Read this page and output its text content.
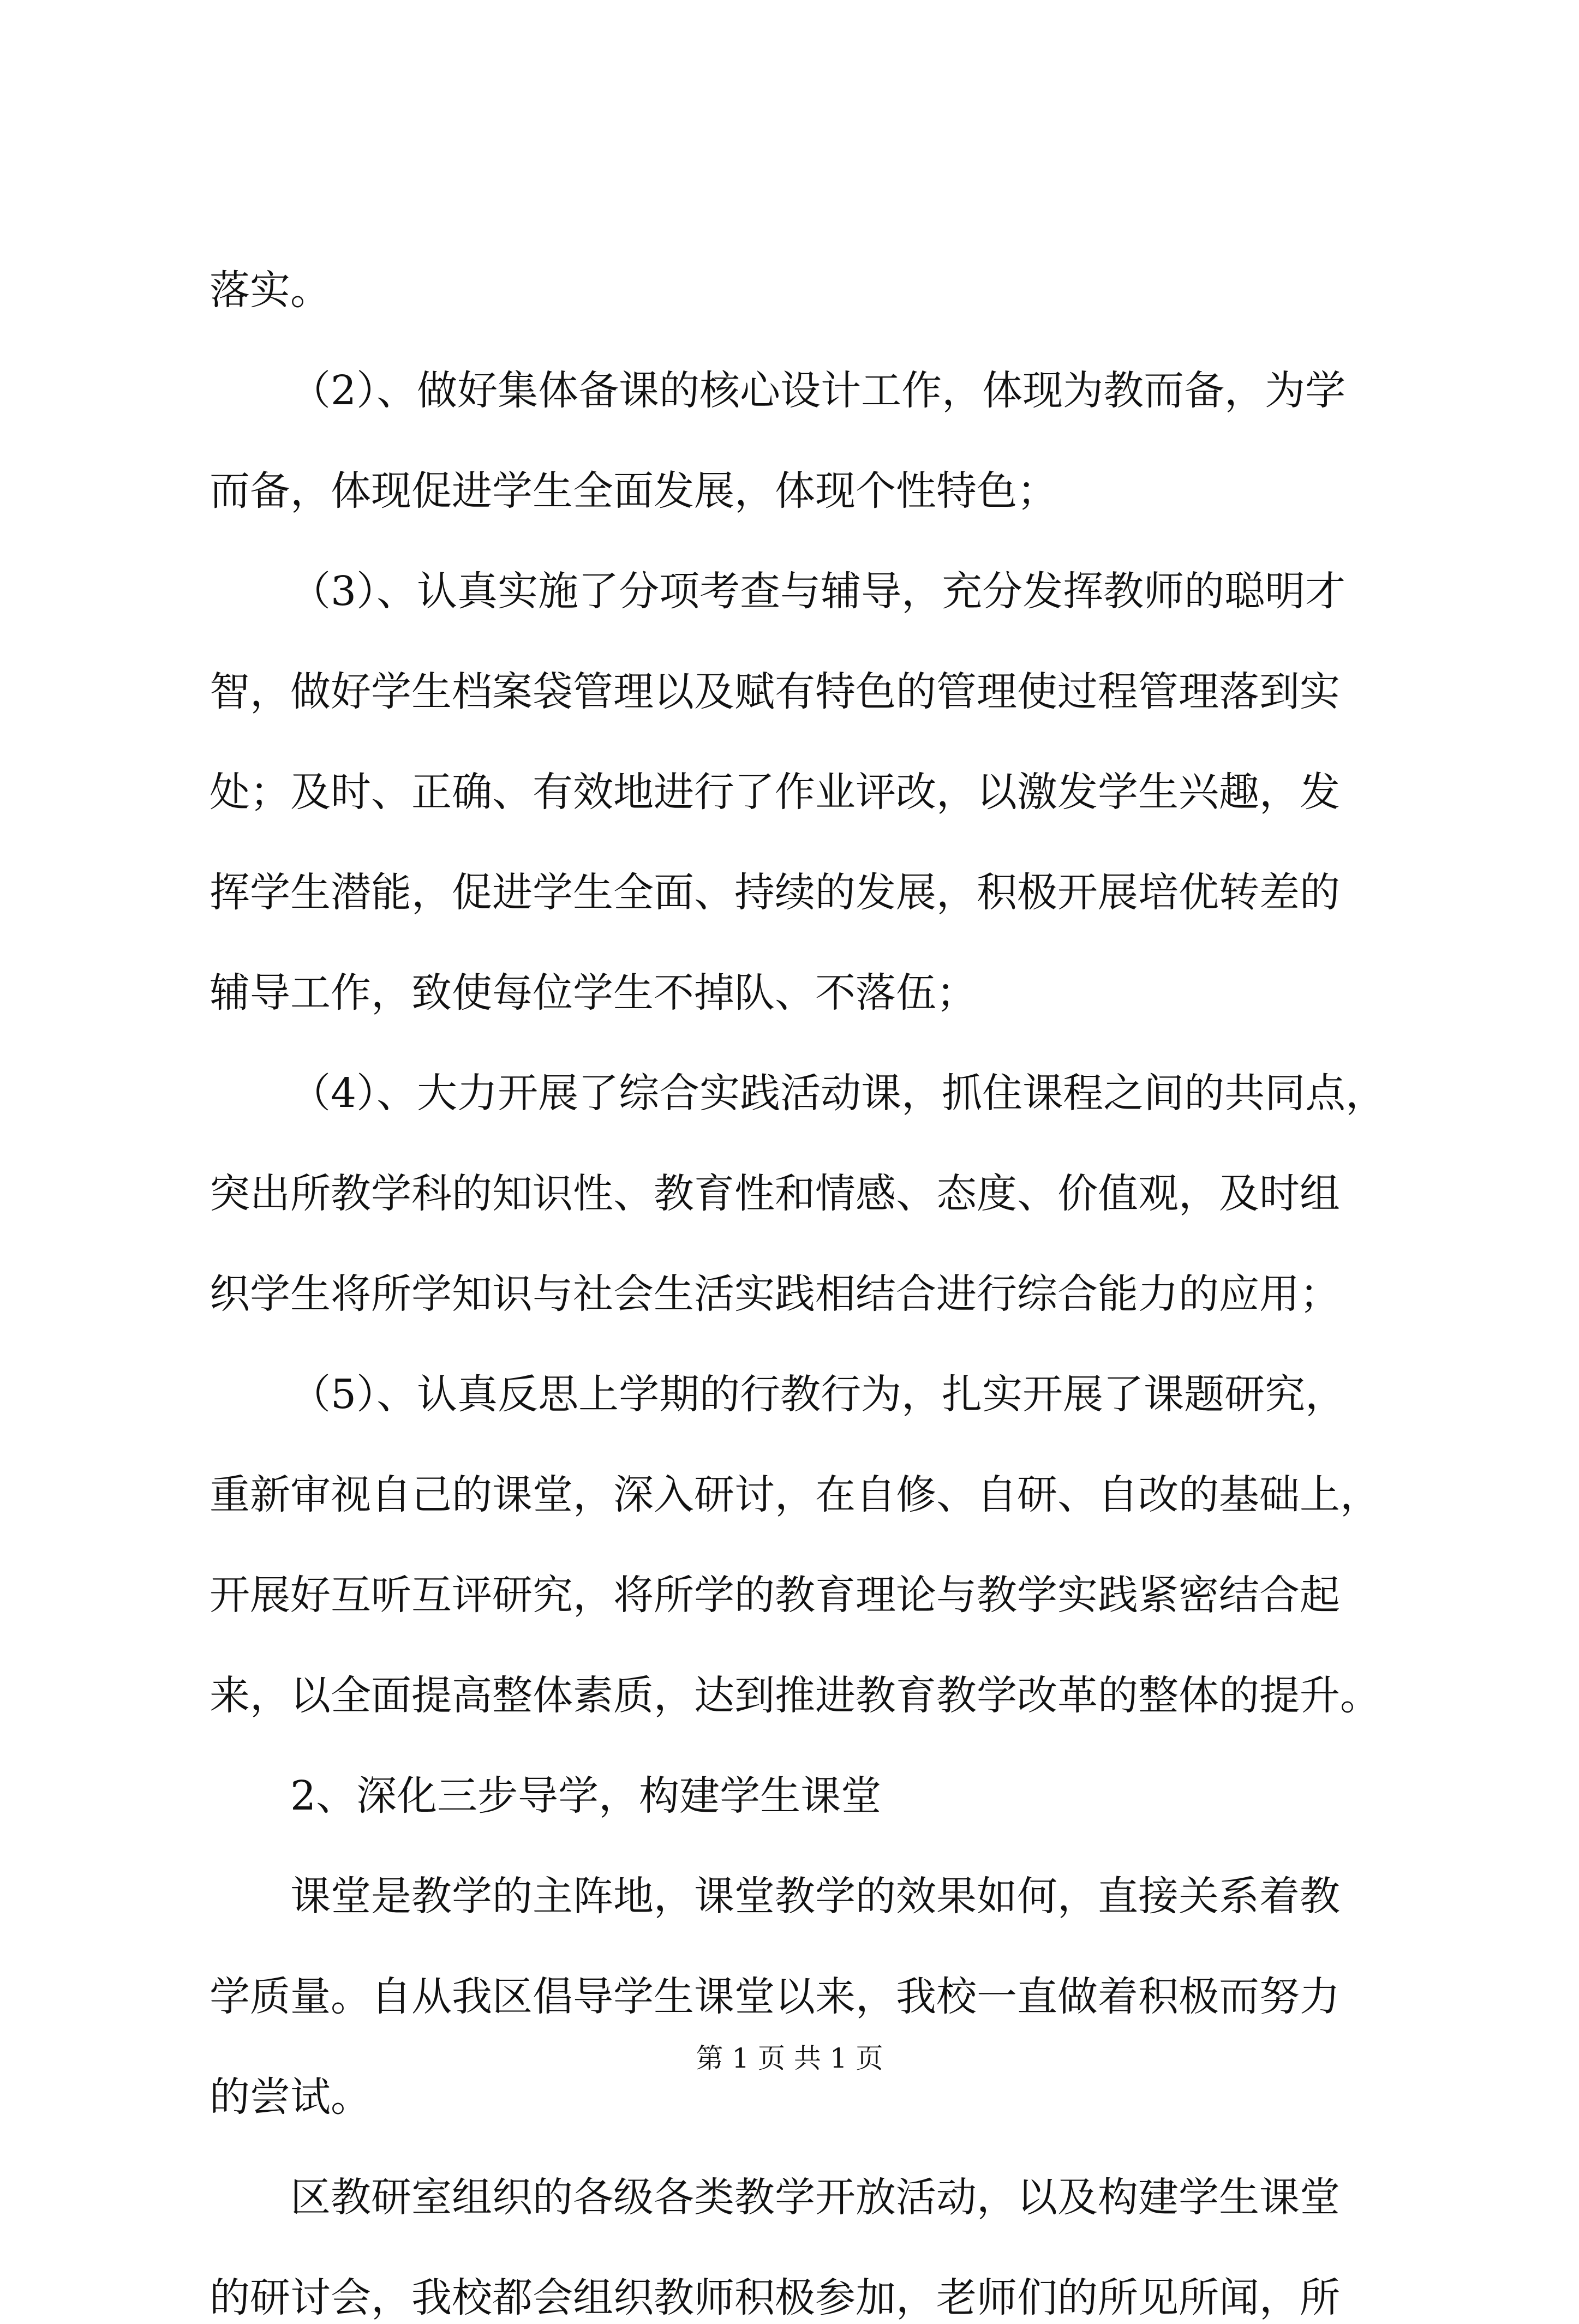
落实。
（2）、做好集体备课的核心设计工作，体现为教而备，为学
而备，体现促进学生全面发展，体现个性特色；
（3）、认真实施了分项考查与辅导，充分发挥教师的聪明才
智，做好学生档案袋管理以及赋有特色的管理使过程管理落到实
处；及时、正确、有效地进行了作业评改，以激发学生兴趣，发
挥学生潜能，促进学生全面、持续的发展，积极开展培优转差的
辅导工作，致使每位学生不掉队、不落伍；
（4）、大力开展了综合实践活动课，抓住课程之间的共同点，
突出所教学科的知识性、教育性和情感、态度、价值观，及时组
织学生将所学知识与社会生活实践相结合进行综合能力的应用；
（5）、认真反思上学期的行教行为，扎实开展了课题研究，
重新审视自己的课堂，深入研讨，在自修、自研、自改的基础上，
开展好互听互评研究，将所学的教育理论与教学实践紧密结合起
来，以全面提高整体素质，达到推进教育教学改革的整体的提升。
2、深化三步导学，构建学生课堂
课堂是教学的主阵地，课堂教学的效果如何，直接关系着教
学质量。自从我区倡导学生课堂以来，我校一直做着积极而努力
的尝试。
区教研室组织的各级各类教学开放活动，以及构建学生课堂
的研讨会，我校都会组织教师积极参加，老师们的所见所闻，所
第 1 页 共 1 页
